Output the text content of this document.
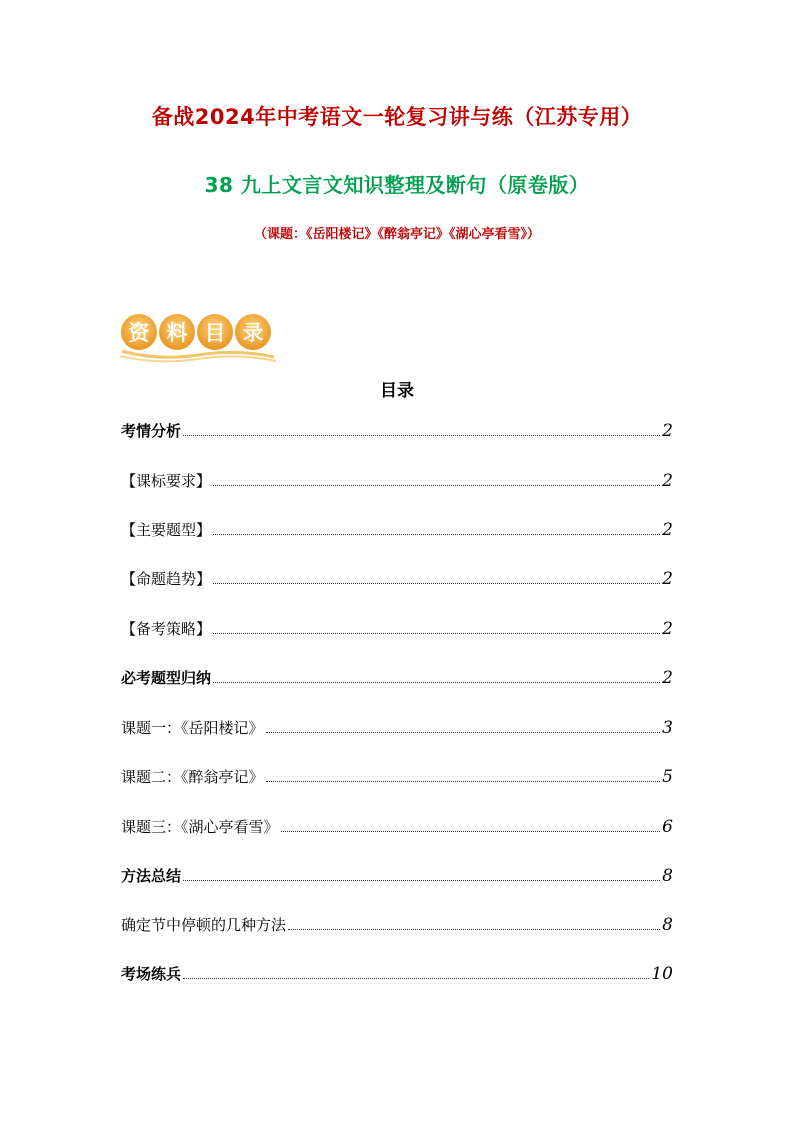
备战2024年中考语文一轮复习讲与练（江苏专用）
38 九上文言文知识整理及断句（原卷版）
（课题：《岳阳楼记》《醉翁亭记》《湖心亭看雪》）
资 料 目 录
目录
考情分析	2
【课标要求】	2
【主要题型】	2
【命题趋势】	2
【备考策略】	2
必考题型归纳	2
课题一：《岳阳楼记》	3
课题二：《醉翁亭记》	5
课题三：《湖心亭看雪》	6
方法总结	8
确定节中停顿的几种方法	8
考场练兵	10
